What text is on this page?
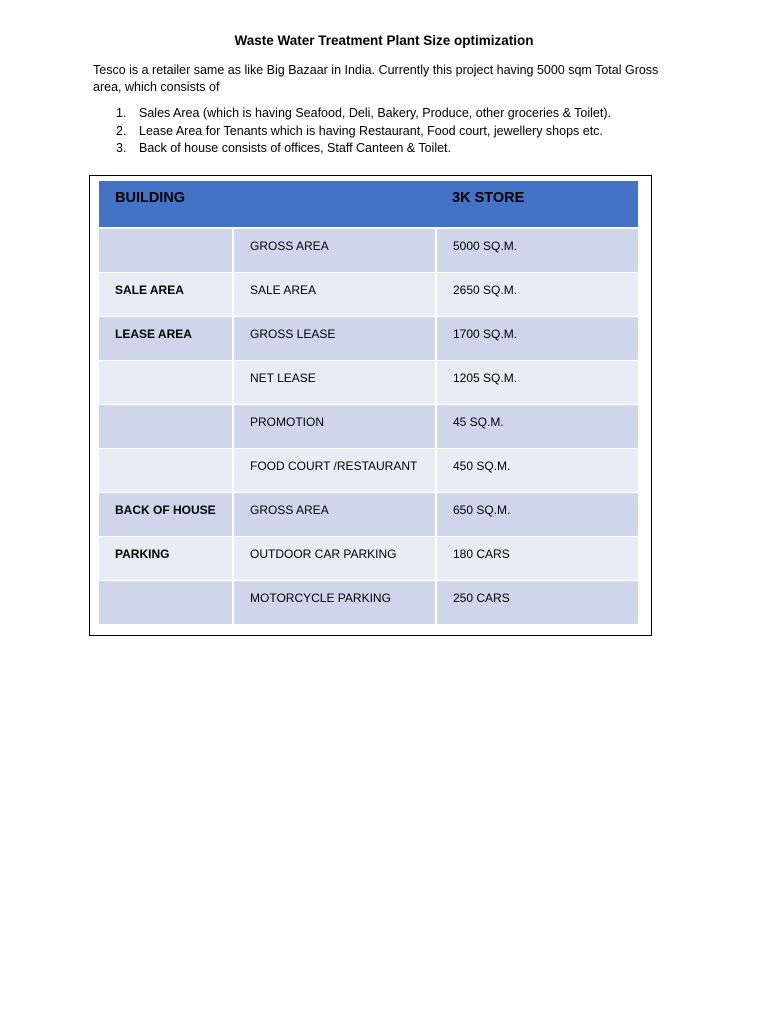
Waste Water Treatment Plant Size optimization
Tesco is a retailer same as like Big Bazaar in India. Currently this project having 5000 sqm Total Gross area, which consists of
1.	Sales Area (which is having Seafood, Deli, Bakery, Produce, other groceries & Toilet).
2.	Lease Area for Tenants which is having Restaurant, Food court, jewellery shops etc.
3.	Back of house consists of offices, Staff Canteen & Toilet.
BUILDING		3K STORE
	GROSS AREA	5000 SQ.M.
SALE AREA	SALE AREA	2650 SQ.M.
LEASE AREA	GROSS LEASE	1700 SQ.M.
	NET LEASE	1205 SQ.M.
	PROMOTION	45 SQ.M.
	FOOD COURT /RESTAURANT	450 SQ.M.
BACK OF HOUSE	GROSS AREA	650 SQ.M.
PARKING	OUTDOOR CAR PARKING	180 CARS
	MOTORCYCLE PARKING	250 CARS
